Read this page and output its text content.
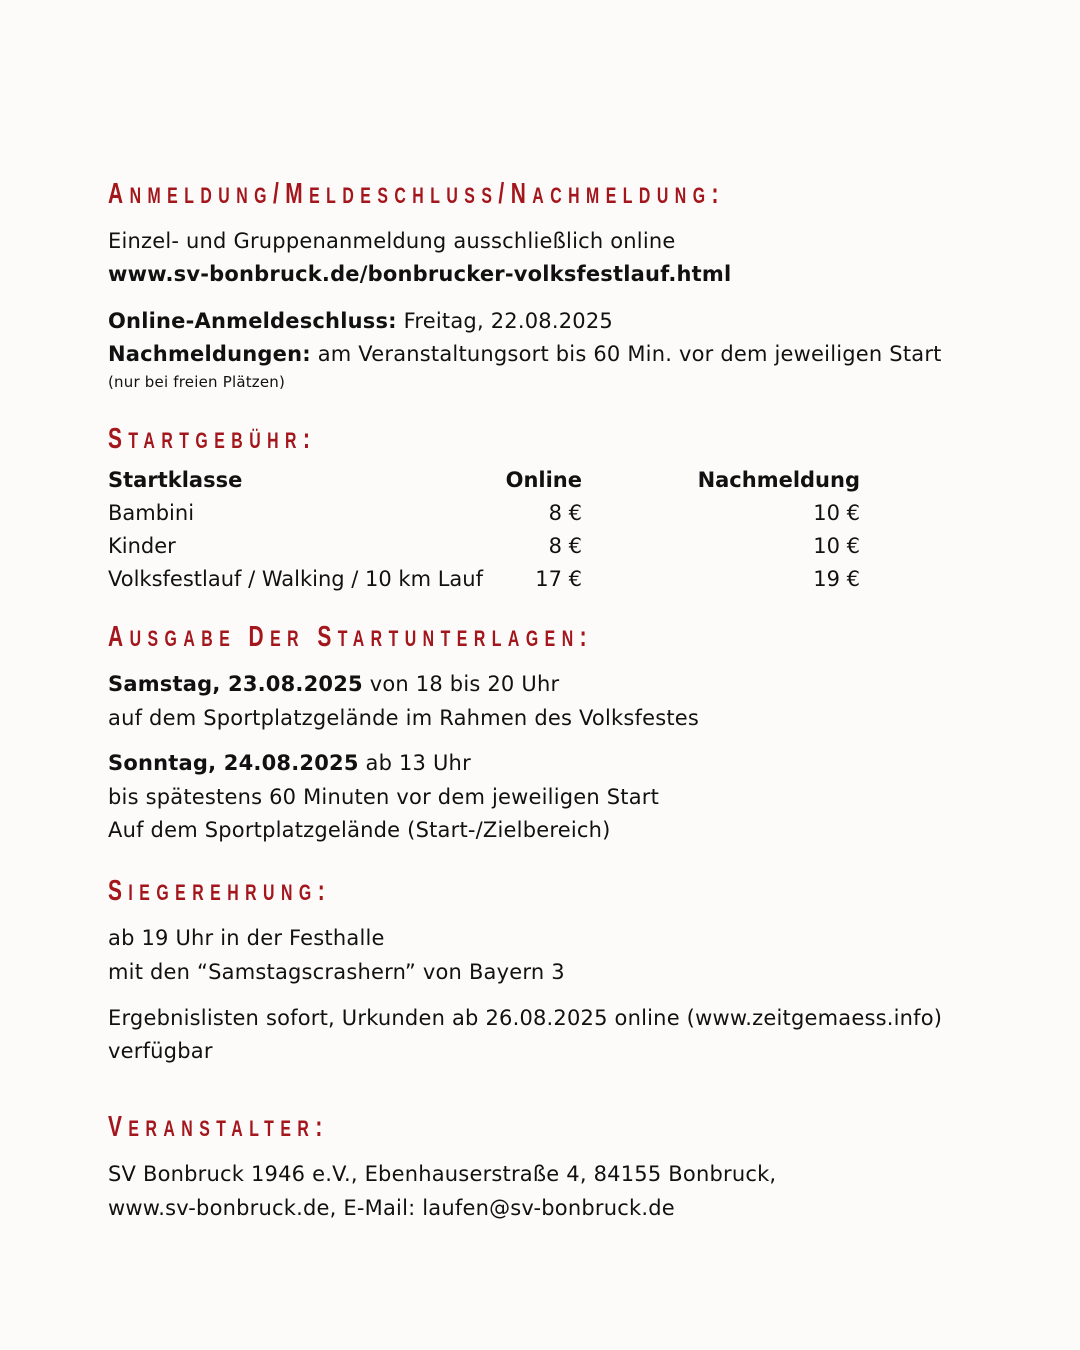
ANMELDUNG/MELDESCHLUSS/NACHMELDUNG:
Einzel- und Gruppenanmeldung ausschließlich online
www.sv-bonbruck.de/bonbrucker-volksfestlauf.html
Online-Anmeldeschluss: Freitag, 22.08.2025
Nachmeldungen: am Veranstaltungsort bis 60 Min. vor dem jeweiligen Start
(nur bei freien Plätzen)
STARTGEBÜHR:
Startklasse	Online	Nachmeldung
Bambini	8 €	10 €
Kinder	8 €	10 €
Volksfestlauf / Walking / 10 km Lauf 17 €	19 €
AUSGABE DER STARTUNTERLAGEN:
Samstag, 23.08.2025 von 18 bis 20 Uhr
auf dem Sportplatzgelände im Rahmen des Volksfestes
Sonntag, 24.08.2025 ab 13 Uhr
bis spätestens 60 Minuten vor dem jeweiligen Start
Auf dem Sportplatzgelände (Start-/Zielbereich)
SIEGEREHRUNG:
ab 19 Uhr in der Festhalle
mit den “Samstagscrashern” von Bayern 3
Ergebnislisten sofort, Urkunden ab 26.08.2025 online (www.zeitgemaess.info)
verfügbar
VERANSTALTER:
SV Bonbruck 1946 e.V., Ebenhauserstraße 4, 84155 Bonbruck,
www.sv-bonbruck.de, E-Mail: laufen@sv-bonbruck.de
